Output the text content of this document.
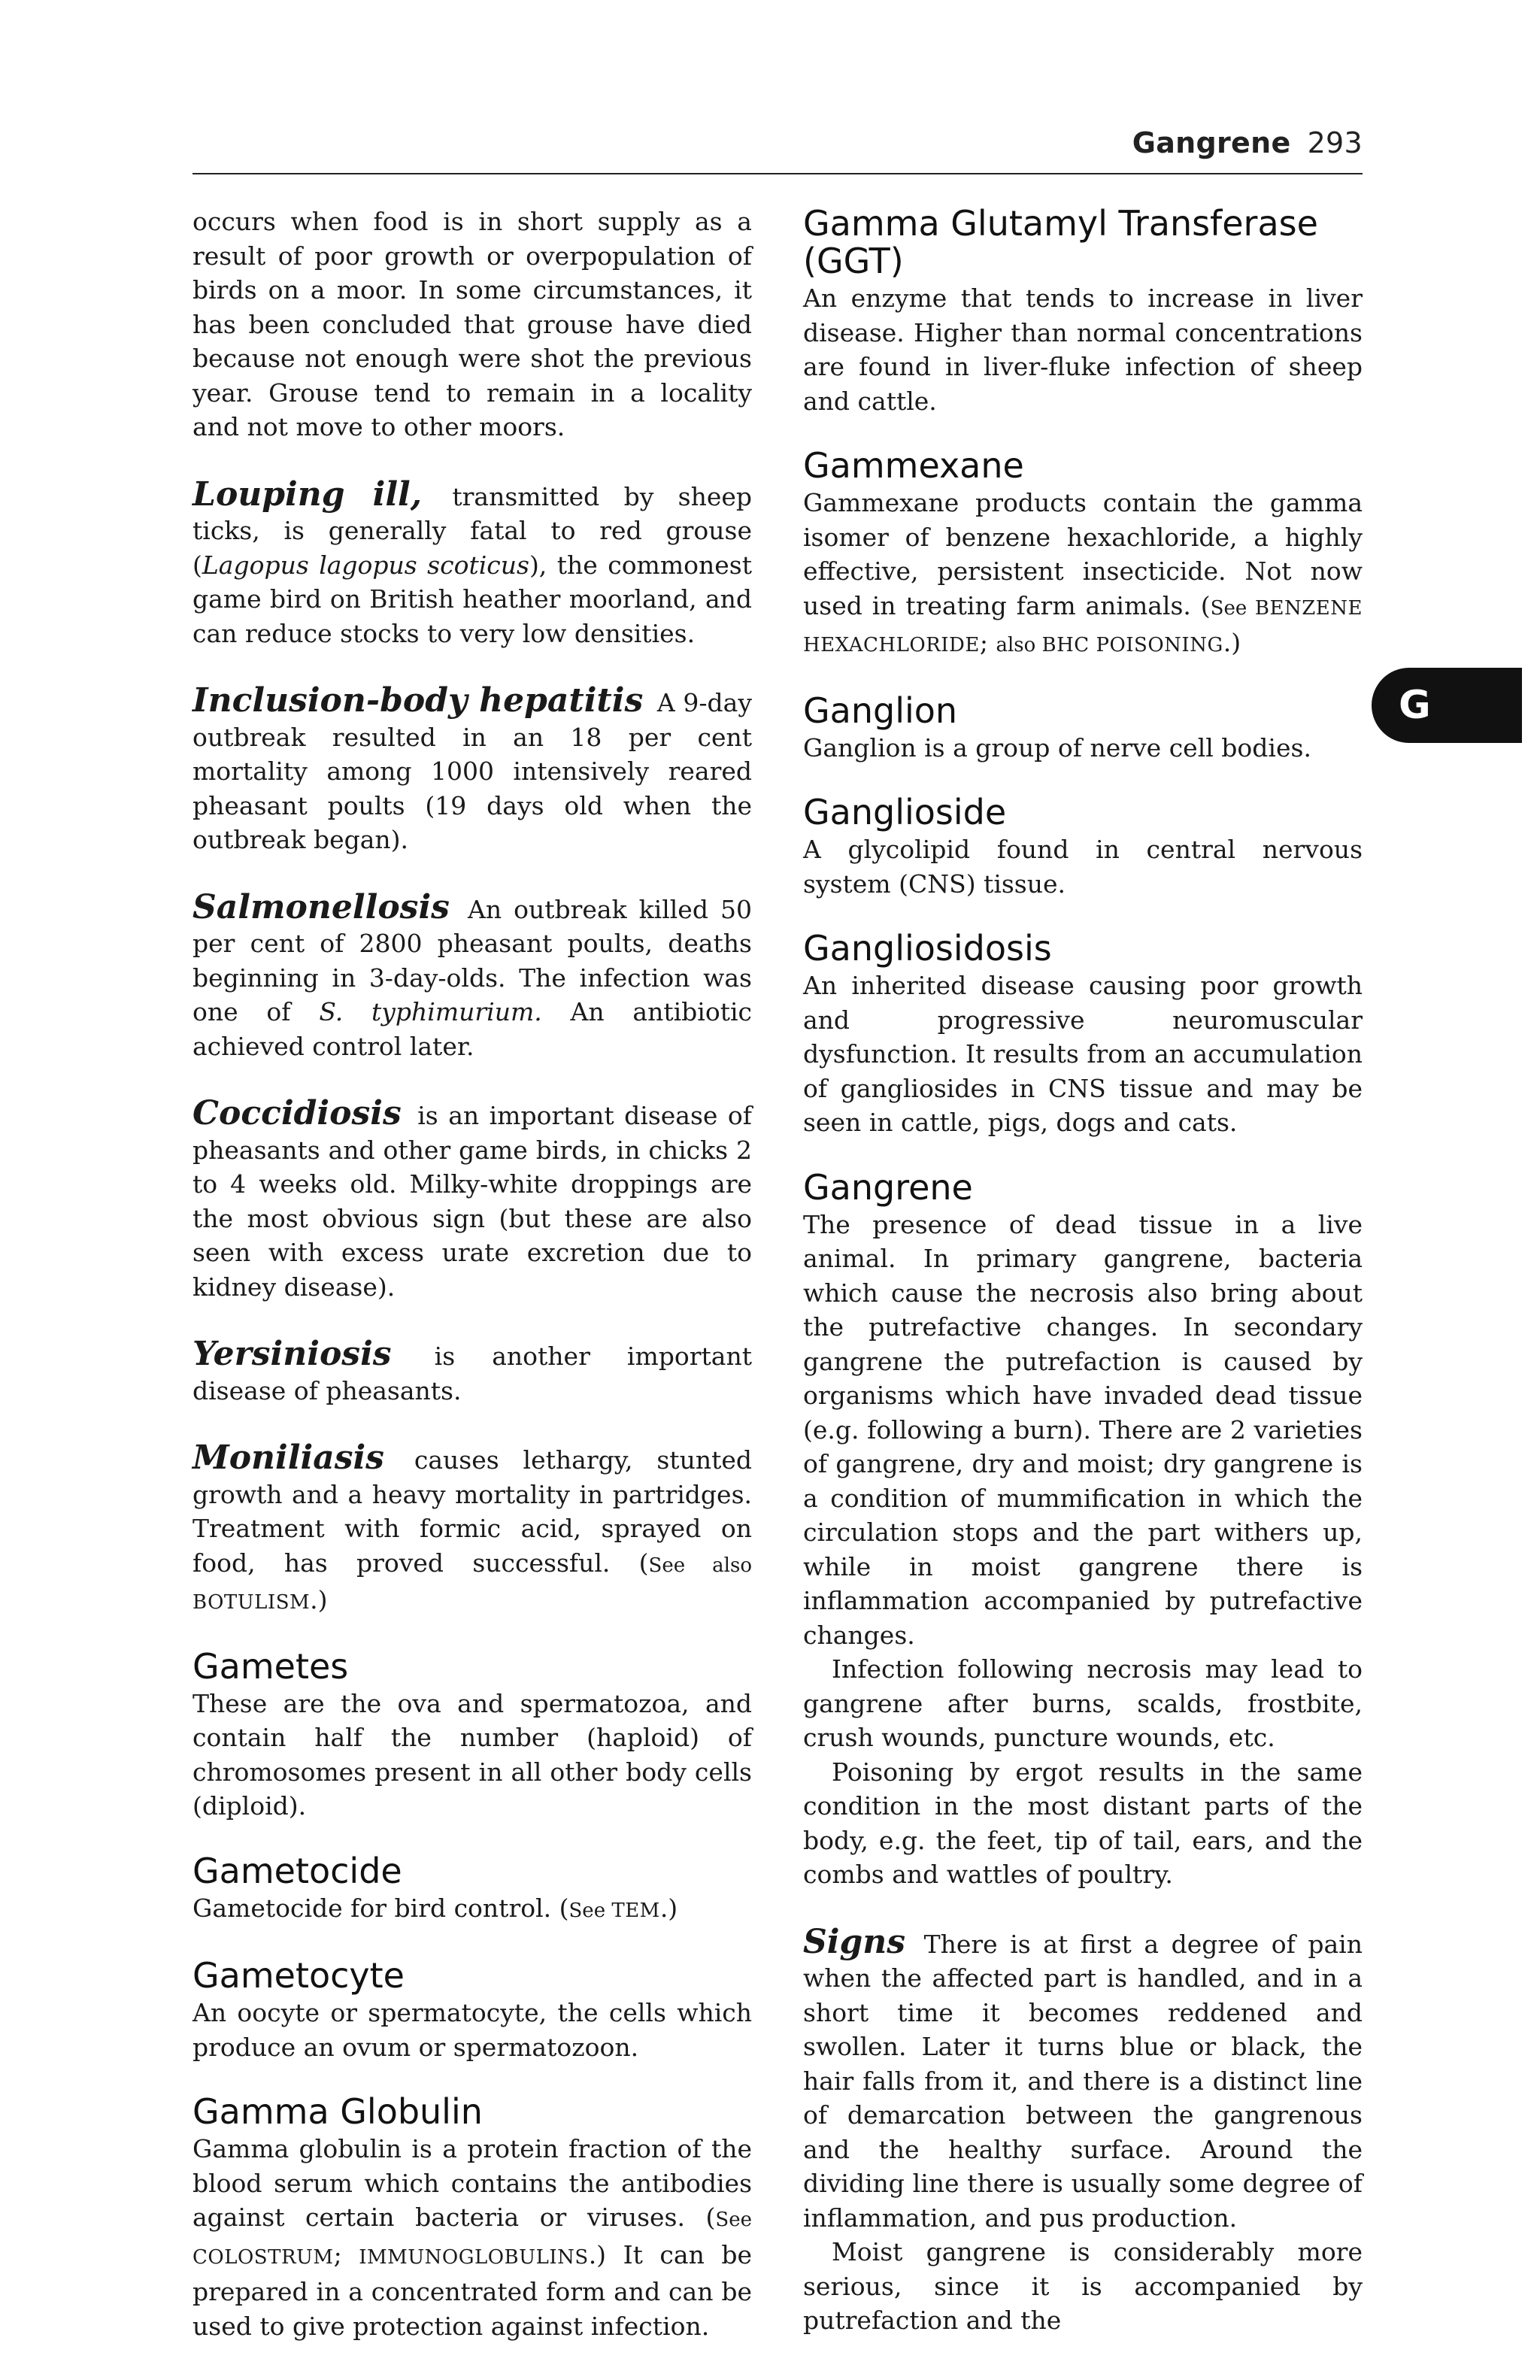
Gangrene 293
G

occurs when food is in short supply as a result of poor growth or overpopulation of birds on a moor. In some circumstances, it has been concluded that grouse have died because not enough were shot the previous year. Grouse tend to remain in a locality and not move to other moors.

Louping ill, transmitted by sheep ticks, is generally fatal to red grouse (Lagopus lagopus scoticus), the commonest game bird on British heather moorland, and can reduce stocks to very low densities.

Inclusion-body hepatitis A 9-day outbreak resulted in an 18 per cent mortality among 1000 intensively reared pheasant poults (19 days old when the outbreak began).

Salmonellosis An outbreak killed 50 per cent of 2800 pheasant poults, deaths beginning in 3-day-olds. The infection was one of S. typhimurium. An antibiotic achieved control later.

Coccidiosis is an important disease of pheasants and other game birds, in chicks 2 to 4 weeks old. Milky-white droppings are the most obvious sign (but these are also seen with excess urate excretion due to kidney disease).

Yersiniosis is another important disease of pheasants.

Moniliasis causes lethargy, stunted growth and a heavy mortality in partridges. Treatment with formic acid, sprayed on food, has proved successful. (See also BOTULISM.)

Gametes

These are the ova and spermatozoa, and contain half the number (haploid) of chromosomes present in all other body cells (diploid).

Gametocide

Gametocide for bird control. (See TEM.)

Gametocyte

An oocyte or spermatocyte, the cells which produce an ovum or spermatozoon.

Gamma Globulin

Gamma globulin is a protein fraction of the blood serum which contains the antibodies against certain bacteria or viruses. (See COLOSTRUM; IMMUNOGLOBULINS.) It can be prepared in a concentrated form and can be used to give protection against infection.

Gamma Glutamyl Transferase (GGT)

An enzyme that tends to increase in liver disease. Higher than normal concentrations are found in liver-fluke infection of sheep and cattle.

Gammexane

Gammexane products contain the gamma isomer of benzene hexachloride, a highly effective, persistent insecticide. Not now used in treating farm animals. (See BENZENE HEXACHLORIDE; also BHC POISONING.)

Ganglion

Ganglion is a group of nerve cell bodies.

Ganglioside

A glycolipid found in central nervous system (CNS) tissue.

Gangliosidosis

An inherited disease causing poor growth and progressive neuromuscular dysfunction. It results from an accumulation of gangliosides in CNS tissue and may be seen in cattle, pigs, dogs and cats.

Gangrene

The presence of dead tissue in a live animal. In primary gangrene, bacteria which cause the necrosis also bring about the putrefactive changes. In secondary gangrene the putrefaction is caused by organisms which have invaded dead tissue (e.g. following a burn). There are 2 varieties of gangrene, dry and moist; dry gangrene is a condition of mummification in which the circulation stops and the part withers up, while in moist gangrene there is inflammation accompanied by putrefactive changes.

Infection following necrosis may lead to gangrene after burns, scalds, frostbite, crush wounds, puncture wounds, etc.

Poisoning by ergot results in the same condition in the most distant parts of the body, e.g. the feet, tip of tail, ears, and the combs and wattles of poultry.

Signs There is at first a degree of pain when the affected part is handled, and in a short time it becomes reddened and swollen. Later it turns blue or black, the hair falls from it, and there is a distinct line of demarcation between the gangrenous and the healthy surface. Around the dividing line there is usually some degree of inflammation, and pus production.

Moist gangrene is considerably more serious, since it is accompanied by putrefaction and the
